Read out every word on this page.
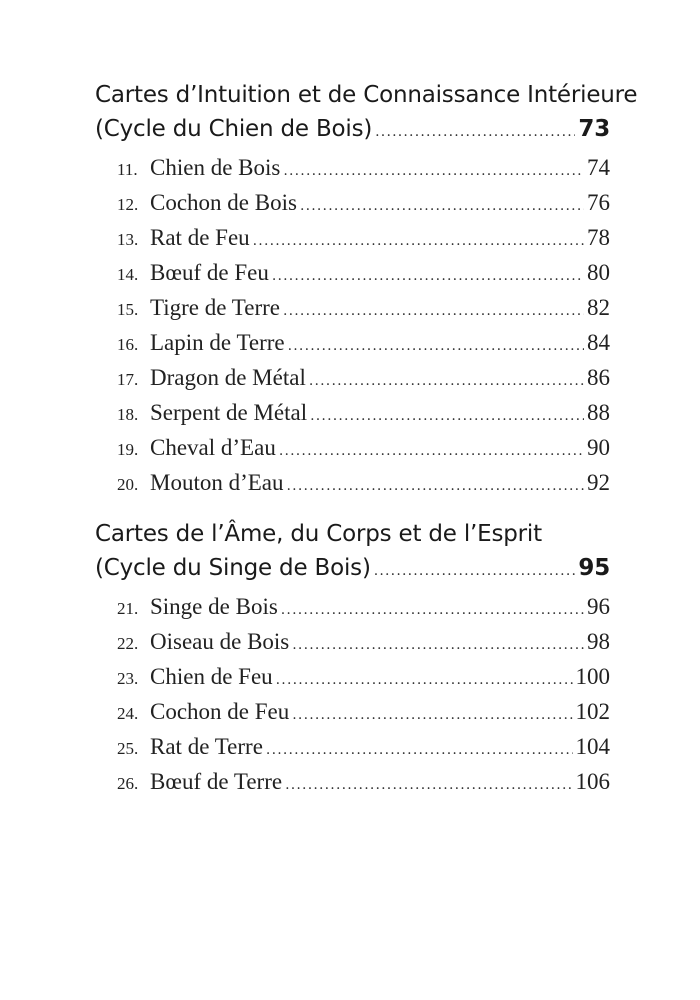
Cartes d’Intuition et de Connaissance Intérieure
(Cycle du Chien de Bois) .....	73
11. Chien de Bois .....	74
12. Cochon de Bois .....	76
13. Rat de Feu .....	78
14. Bœuf de Feu .....	80
15. Tigre de Terre .....	82
16. Lapin de Terre .....	84
17. Dragon de Métal .....	86
18. Serpent de Métal .....	88
19. Cheval d’Eau .....	90
20. Mouton d’Eau .....	92
Cartes de l’Âme, du Corps et de l’Esprit
(Cycle du Singe de Bois) .....	95
21. Singe de Bois .....	96
22. Oiseau de Bois .....	98
23. Chien de Feu .....	100
24. Cochon de Feu .....	102
25. Rat de Terre .....	104
26. Bœuf de Terre .....	106
